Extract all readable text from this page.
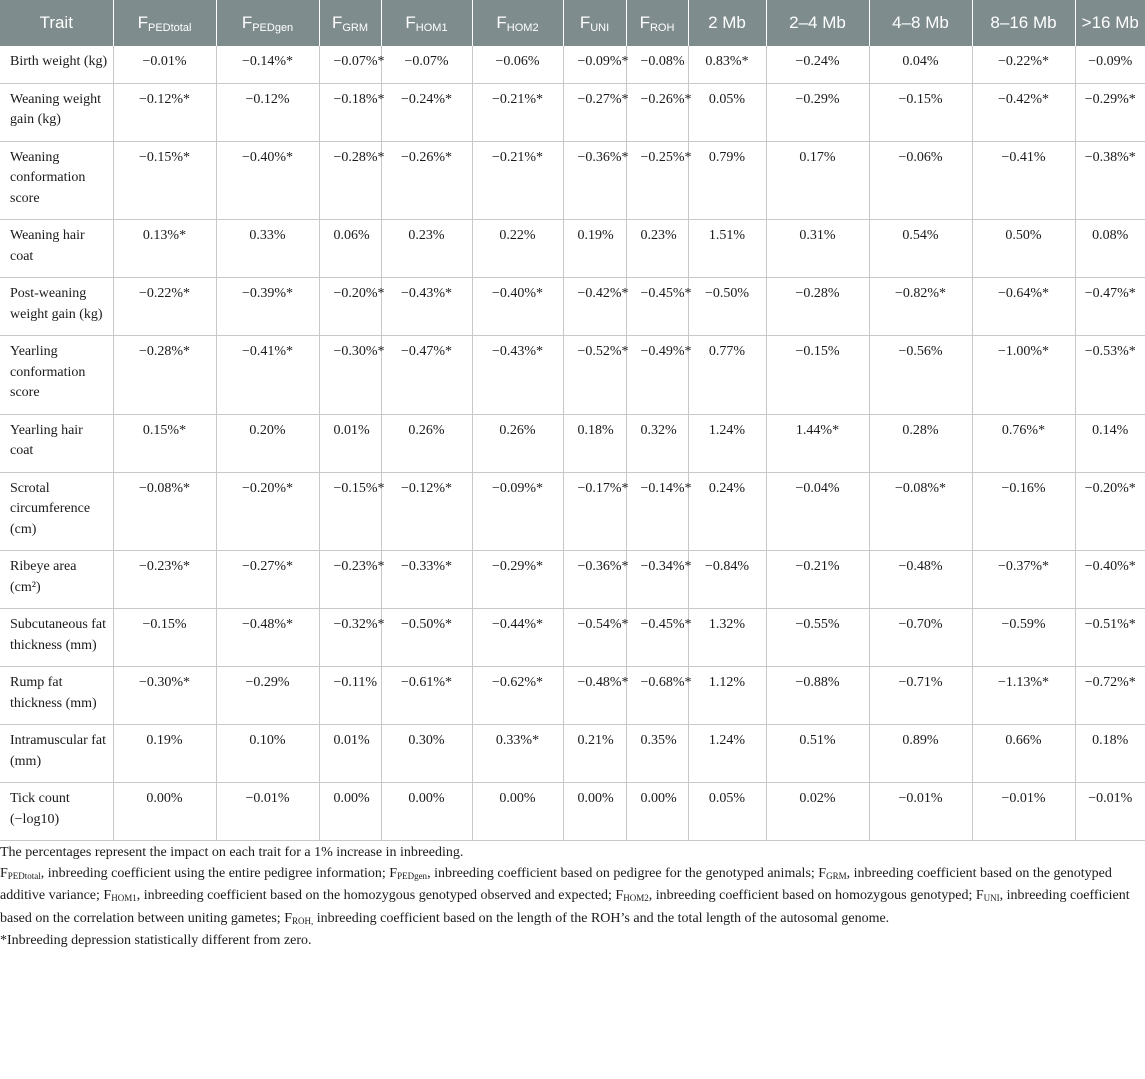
Trait	$F_{PEDtotal}$	$F_{PEDgen}$	$F_{GRM}$	$F_{HOM1}$	$F_{HOM2}$	$F_{UNI}$	$F_{ROH}$	2 Mb	2–4 Mb	4–8 Mb	8–16 Mb	>16 Mb
Birth weight (kg)	−0.01%	−0.14%*	−0.07%*	−0.07%	−0.06%	−0.09%*	−0.08%	0.83%*	−0.24%	0.04%	−0.22%*	−0.09%
Weaning weight gain (kg)	−0.12%*	−0.12%	−0.18%*	−0.24%*	−0.21%*	−0.27%*	−0.26%*	0.05%	−0.29%	−0.15%	−0.42%*	−0.29%*
Weaning conformation score	−0.15%*	−0.40%*	−0.28%*	−0.26%*	−0.21%*	−0.36%*	−0.25%*	0.79%	0.17%	−0.06%	−0.41%	−0.38%*
Weaning hair coat	0.13%*	0.33%	0.06%	0.23%	0.22%	0.19%	0.23%	1.51%	0.31%	0.54%	0.50%	0.08%
Post-weaning weight gain (kg)	−0.22%*	−0.39%*	−0.20%*	−0.43%*	−0.40%*	−0.42%*	−0.45%*	−0.50%	−0.28%	−0.82%*	−0.64%*	−0.47%*
Yearling conformation score	−0.28%*	−0.41%*	−0.30%*	−0.47%*	−0.43%*	−0.52%*	−0.49%*	0.77%	−0.15%	−0.56%	−1.00%*	−0.53%*
Yearling hair coat	0.15%*	0.20%	0.01%	0.26%	0.26%	0.18%	0.32%	1.24%	1.44%*	0.28%	0.76%*	0.14%
Scrotal circumference (cm)	−0.08%*	−0.20%*	−0.15%*	−0.12%*	−0.09%*	−0.17%*	−0.14%*	0.24%	−0.04%	−0.08%*	−0.16%	−0.20%*
Ribeye area (cm²)	−0.23%*	−0.27%*	−0.23%*	−0.33%*	−0.29%*	−0.36%*	−0.34%*	−0.84%	−0.21%	−0.48%	−0.37%*	−0.40%*
Subcutaneous fat thickness (mm)	−0.15%	−0.48%*	−0.32%*	−0.50%*	−0.44%*	−0.54%*	−0.45%*	1.32%	−0.55%	−0.70%	−0.59%	−0.51%*
Rump fat thickness (mm)	−0.30%*	−0.29%	−0.11%	−0.61%*	−0.62%*	−0.48%*	−0.68%*	1.12%	−0.88%	−0.71%	−1.13%*	−0.72%*
Intramuscular fat (mm)	0.19%	0.10%	0.01%	0.30%	0.33%*	0.21%	0.35%	1.24%	0.51%	0.89%	0.66%	0.18%
Tick count (−log10)	0.00%	−0.01%	0.00%	0.00%	0.00%	0.00%	0.00%	0.05%	0.02%	−0.01%	−0.01%	−0.01%

The percentages represent the impact on each trait for a 1% increase in inbreeding.

$F_{PEDtotal}$, inbreeding coefficient using the entire pedigree information; $F_{PEDgen}$, inbreeding coefficient based on pedigree for the genotyped animals; $F_{GRM}$, inbreeding coefficient based on the genotyped additive variance; $F_{HOM1}$, inbreeding coefficient based on the homozygous genotyped observed and expected; $F_{HOM2}$, inbreeding coefficient based on homozygous genotyped; $F_{UNI}$, inbreeding coefficient based on the correlation between uniting gametes; $F_{ROH,}$ inbreeding coefficient based on the length of the ROH’s and the total length of the autosomal genome.

*Inbreeding depression statistically different from zero.
